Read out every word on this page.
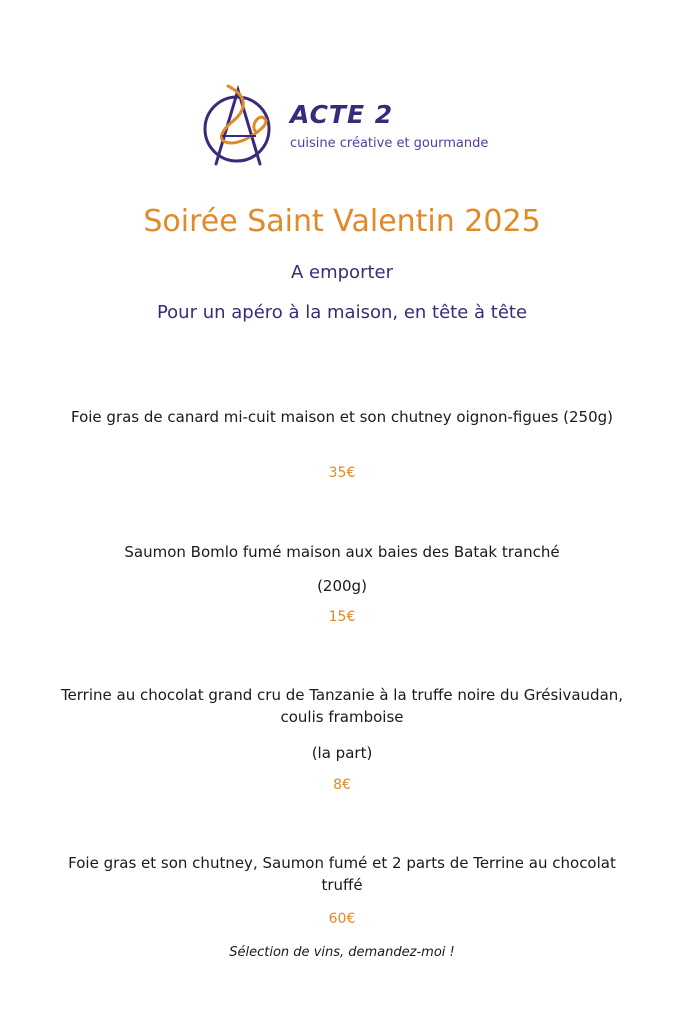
ACTE 2
cuisine créative et gourmande
Soirée Saint Valentin 2025
A emporter
Pour un apéro à la maison, en tête à tête
Foie gras de canard mi-cuit maison et son chutney oignon-figues (250g)
35€
Saumon Bomlo fumé maison aux baies des Batak tranché
(200g)
15€
Terrine au chocolat grand cru de Tanzanie à la truffe noire du Grésivaudan, coulis framboise
(la part)
8€
Foie gras et son chutney, Saumon fumé et 2 parts de Terrine au chocolat truffé
60€
Sélection de vins, demandez-moi !
